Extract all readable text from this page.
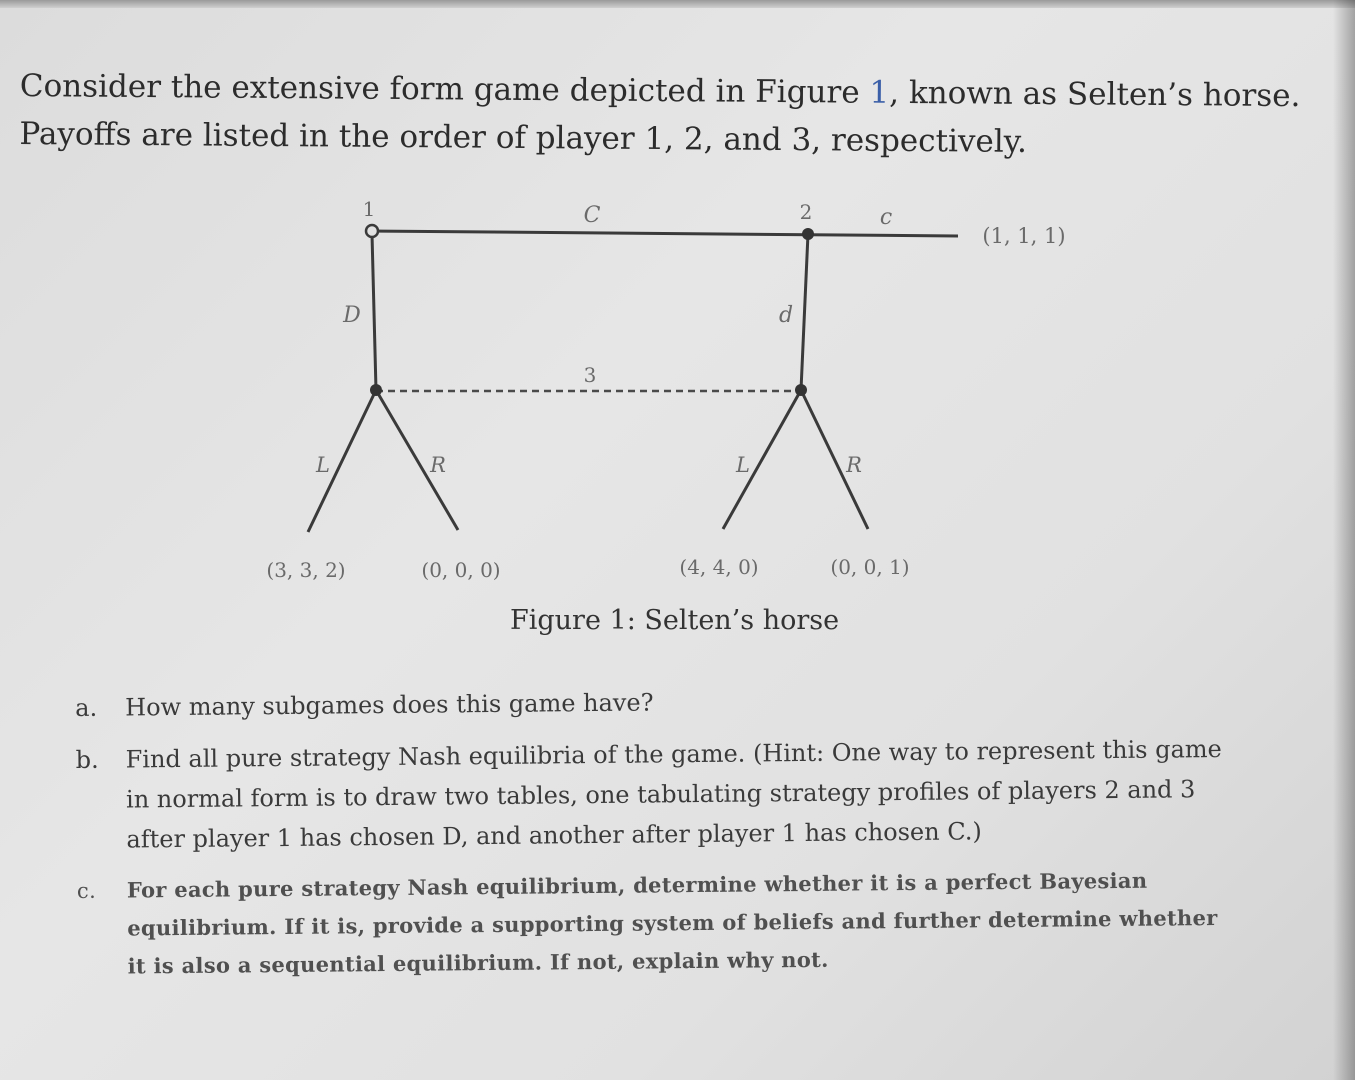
Consider the extensive form game depicted in Figure 1, known as Selten’s horse. Payoffs are listed in the order of player 1, 2, and 3, respectively.

1	2
3
C	c
D	d
L	R	L	R
(1, 1, 1)
(3, 3, 2)	(0, 0, 0)	(4, 4, 0)	(0, 0, 1)

Figure 1: Selten’s horse

a. How many subgames does this game have?
b. Find all pure strategy Nash equilibria of the game. (Hint: One way to represent this game in normal form is to draw two tables, one tabulating strategy profiles of players 2 and 3 after player 1 has chosen D, and another after player 1 has chosen C.)
c. For each pure strategy Nash equilibrium, determine whether it is a perfect Bayesian equilibrium. If it is, provide a supporting system of beliefs and further determine whether it is also a sequential equilibrium. If not, explain why not.
